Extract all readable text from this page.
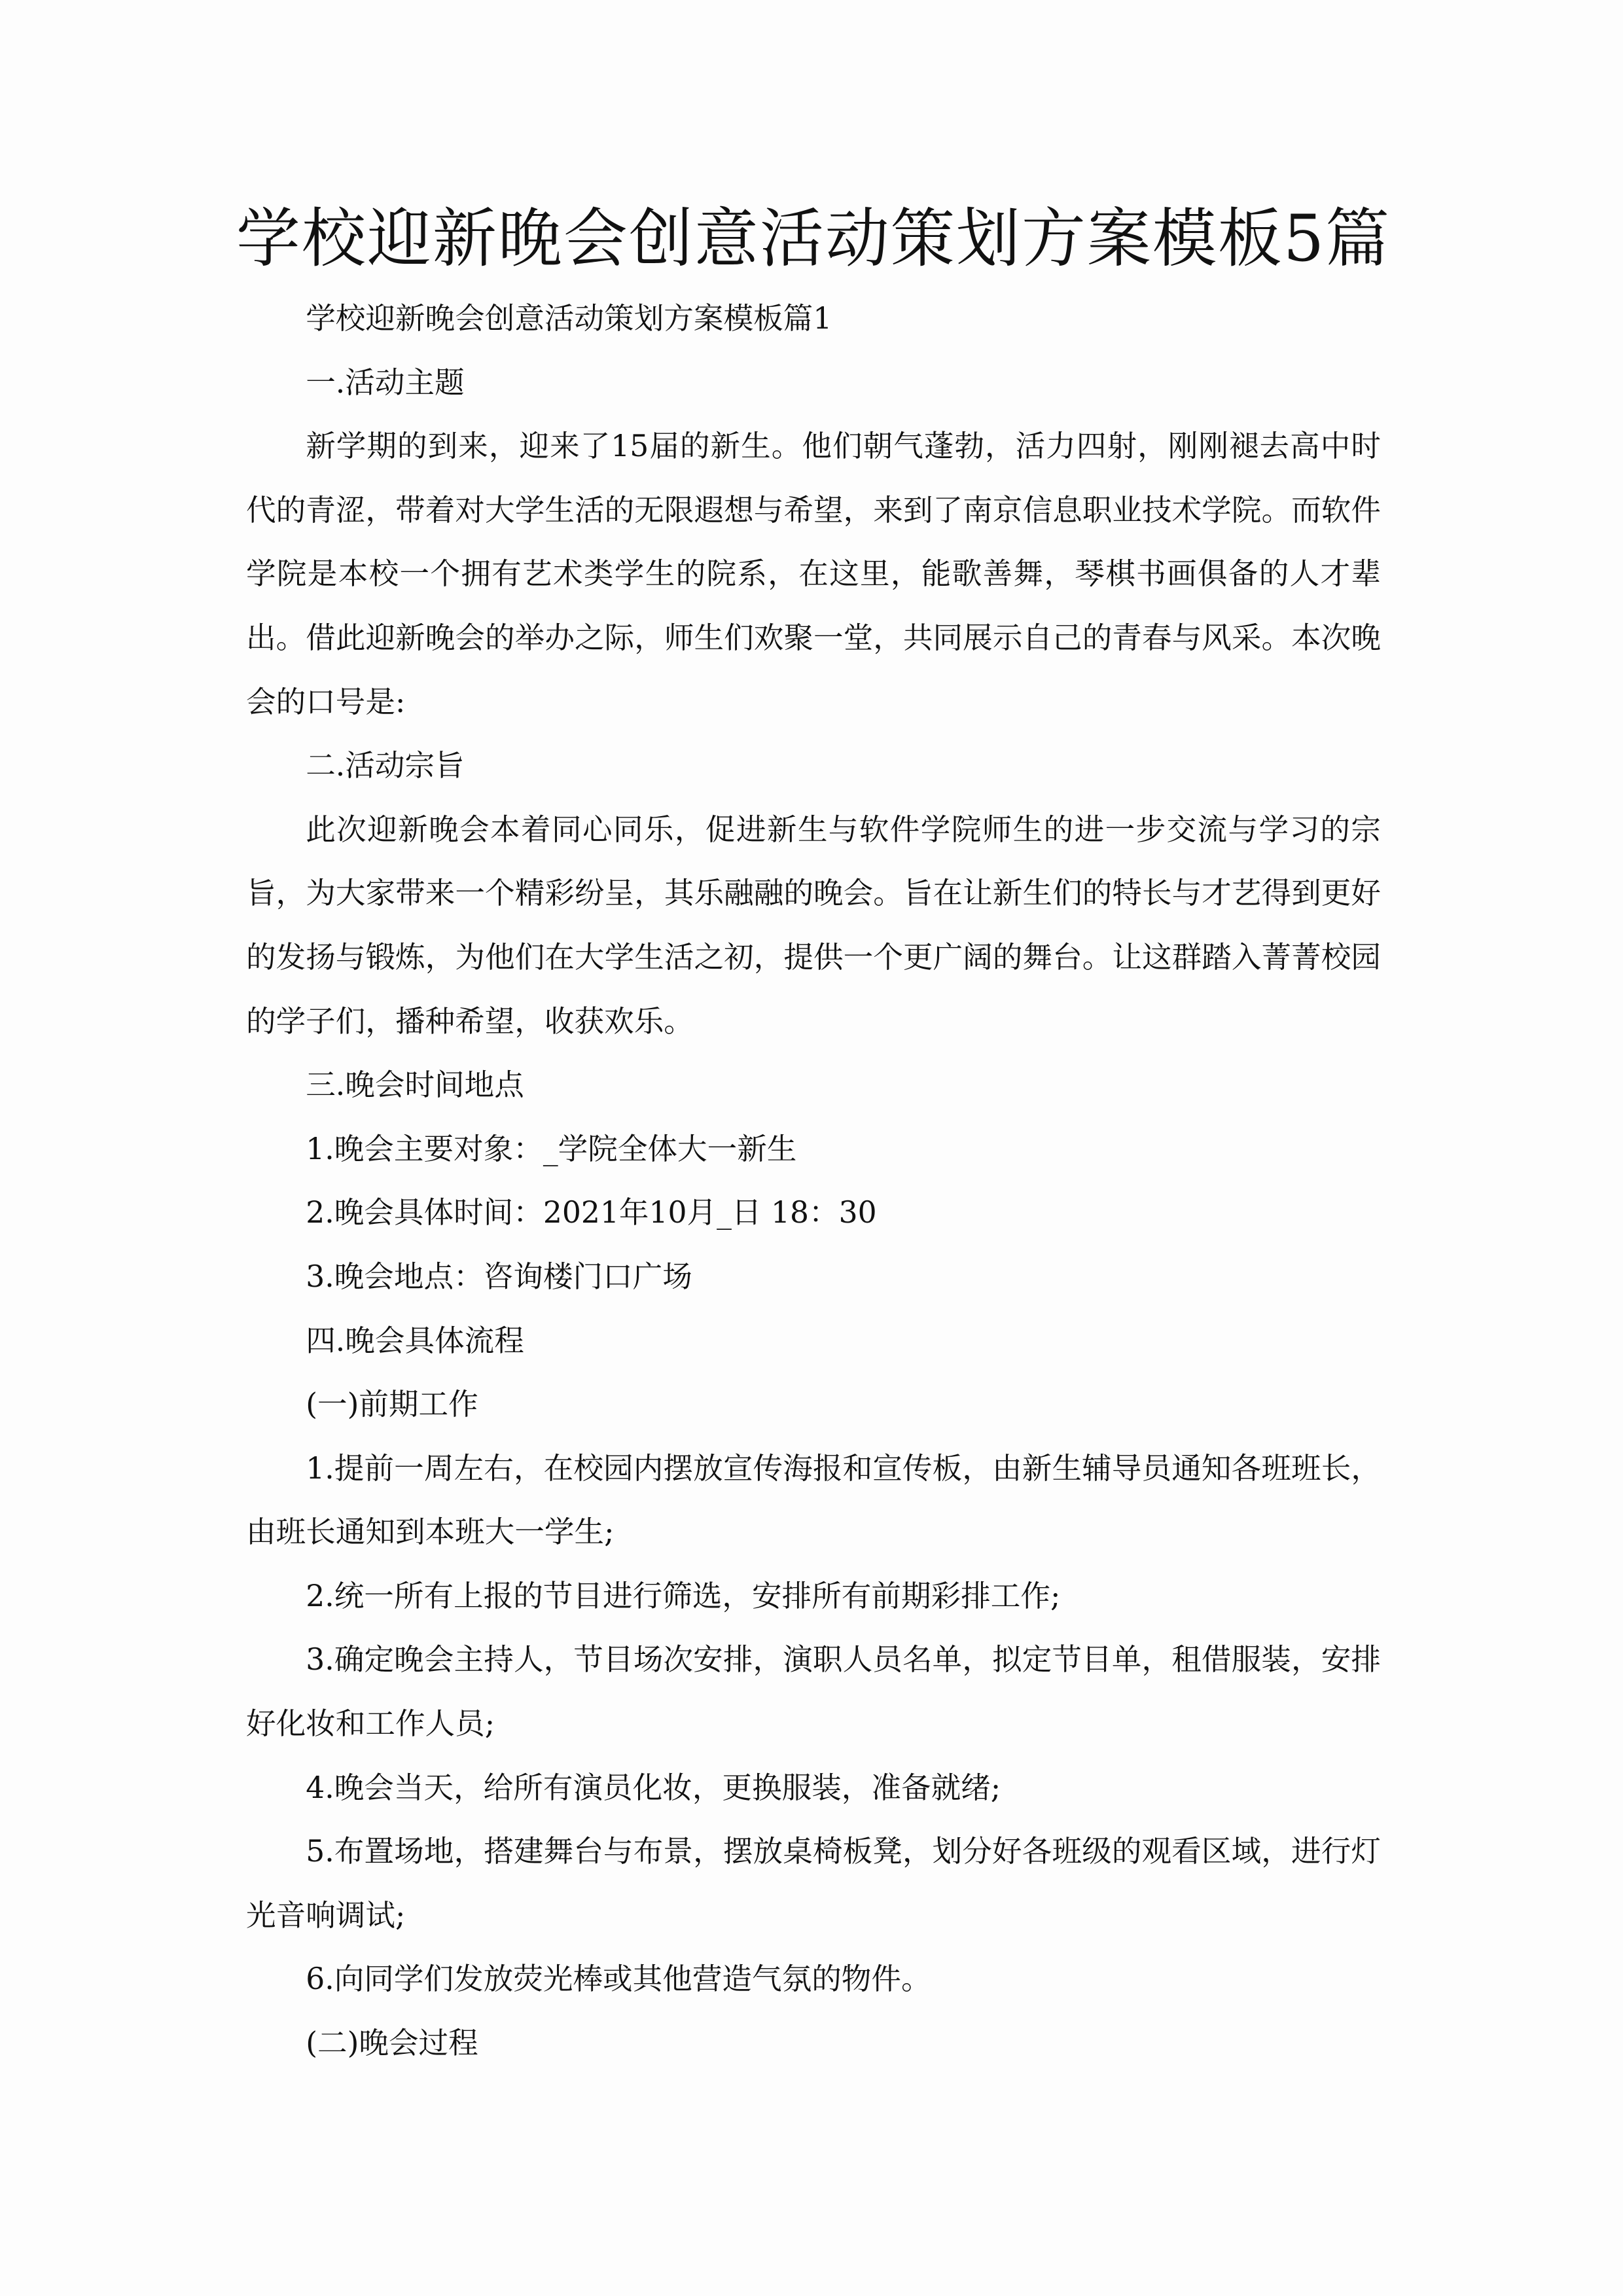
学校迎新晚会创意活动策划方案模板5篇

学校迎新晚会创意活动策划方案模板篇1

一.活动主题

新学期的到来，迎来了15届的新生。他们朝气蓬勃，活力四射，刚刚褪去高中时代的青涩，带着对大学生活的无限遐想与希望，来到了南京信息职业技术学院。而软件学院是本校一个拥有艺术类学生的院系，在这里，能歌善舞，琴棋书画俱备的人才辈出。借此迎新晚会的举办之际，师生们欢聚一堂，共同展示自己的青春与风采。本次晚会的口号是:

二.活动宗旨

此次迎新晚会本着同心同乐，促进新生与软件学院师生的进一步交流与学习的宗旨，为大家带来一个精彩纷呈，其乐融融的晚会。旨在让新生们的特长与才艺得到更好的发扬与锻炼，为他们在大学生活之初，提供一个更广阔的舞台。让这群踏入菁菁校园的学子们，播种希望，收获欢乐。

三.晚会时间地点

1.晚会主要对象：_学院全体大一新生

2.晚会具体时间：2021年10月_日 18：30

3.晚会地点：咨询楼门口广场

四.晚会具体流程

(一)前期工作

1.提前一周左右，在校园内摆放宣传海报和宣传板，由新生辅导员通知各班班长，由班长通知到本班大一学生;

2.统一所有上报的节目进行筛选，安排所有前期彩排工作;

3.确定晚会主持人，节目场次安排，演职人员名单，拟定节目单，租借服装，安排好化妆和工作人员;

4.晚会当天，给所有演员化妆，更换服装，准备就绪;

5.布置场地，搭建舞台与布景，摆放桌椅板凳，划分好各班级的观看区域，进行灯光音响调试;

6.向同学们发放荧光棒或其他营造气氛的物件。

(二)晚会过程
